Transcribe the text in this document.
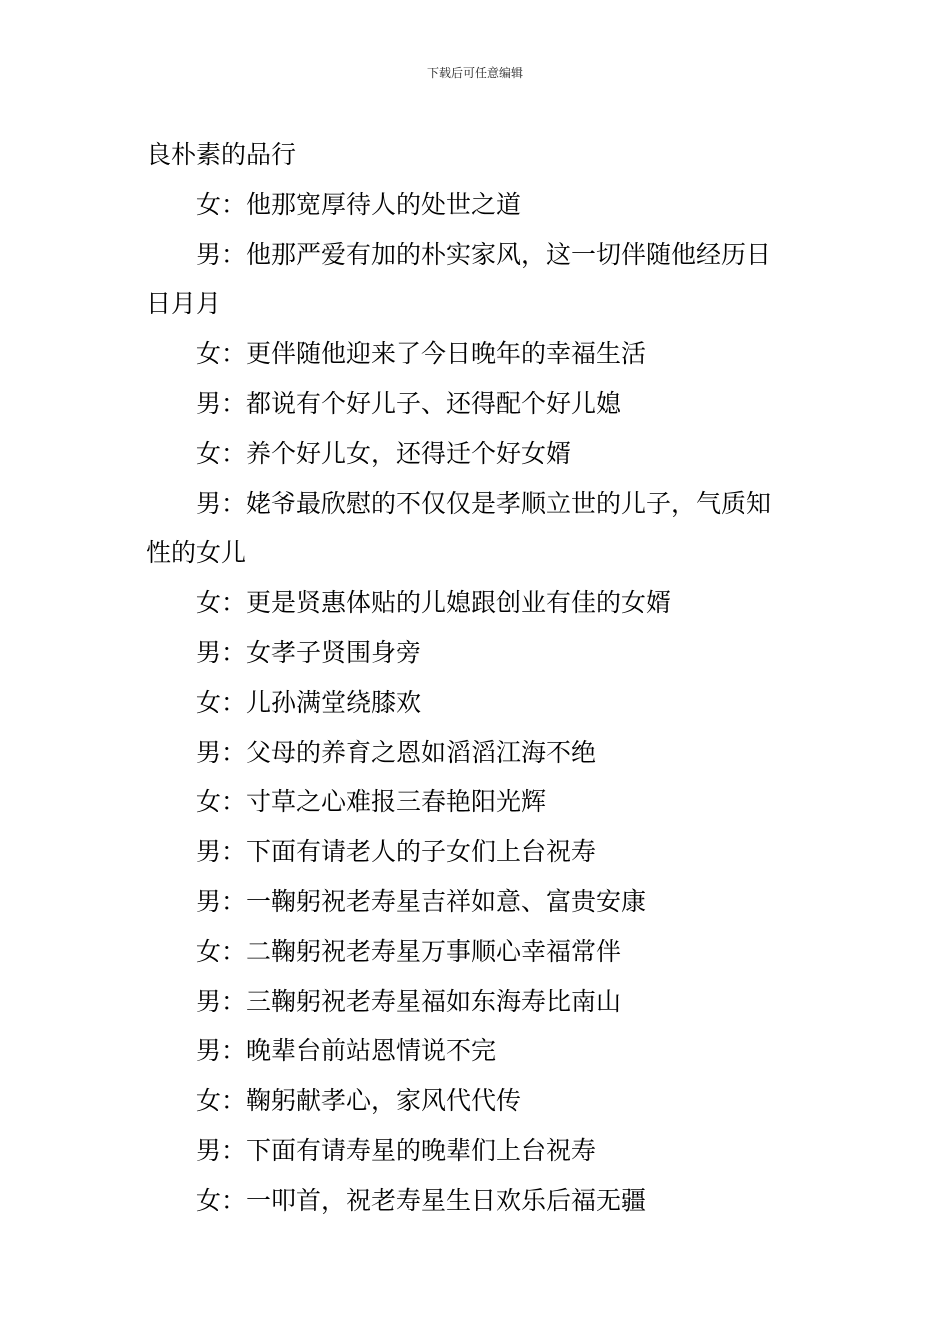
下载后可任意编辑
良朴素的品行
女：他那宽厚待人的处世之道
男：他那严爱有加的朴实家风，这一切伴随他经历日
日月月
女：更伴随他迎来了今日晚年的幸福生活
男：都说有个好儿子、还得配个好儿媳
女：养个好儿女，还得迁个好女婿
男：姥爷最欣慰的不仅仅是孝顺立世的儿子，气质知
性的女儿
女：更是贤惠体贴的儿媳跟创业有佳的女婿
男：女孝子贤围身旁
女：儿孙满堂绕膝欢
男：父母的养育之恩如滔滔江海不绝
女：寸草之心难报三春艳阳光辉
男：下面有请老人的子女们上台祝寿
男：一鞠躬祝老寿星吉祥如意、富贵安康
女：二鞠躬祝老寿星万事顺心幸福常伴
男：三鞠躬祝老寿星福如东海寿比南山
男：晚辈台前站恩情说不完
女：鞠躬献孝心，家风代代传
男：下面有请寿星的晚辈们上台祝寿
女：一叩首，祝老寿星生日欢乐后福无疆
